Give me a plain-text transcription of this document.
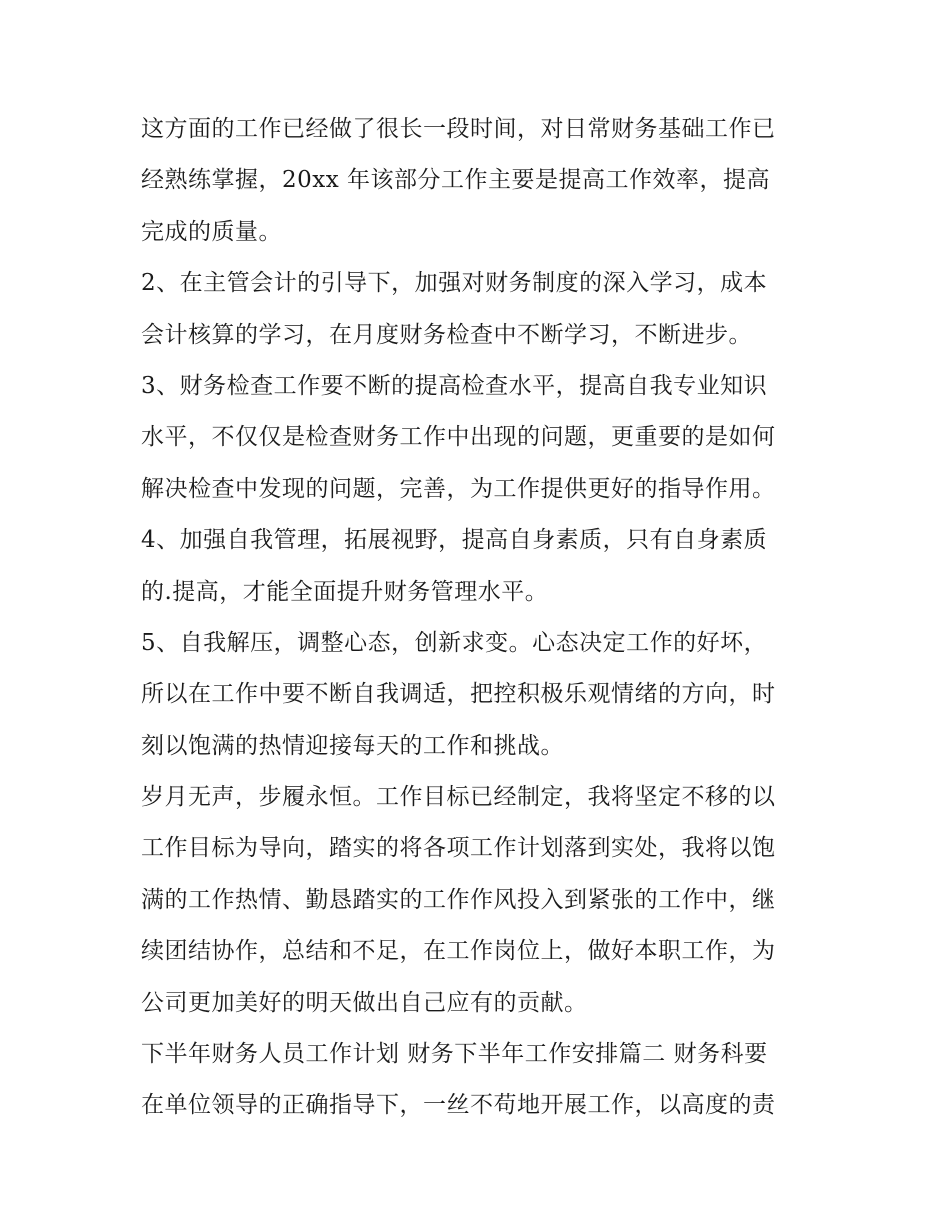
这方面的工作已经做了很长一段时间，对日常财务基础工作已
经熟练掌握，20xx 年该部分工作主要是提高工作效率，提高
完成的质量。
2、在主管会计的引导下，加强对财务制度的深入学习，成本
会计核算的学习，在月度财务检查中不断学习，不断进步。
3、财务检查工作要不断的提高检查水平，提高自我专业知识
水平，不仅仅是检查财务工作中出现的问题，更重要的是如何
解决检查中发现的问题，完善，为工作提供更好的指导作用。
4、加强自我管理，拓展视野，提高自身素质，只有自身素质
的.提高，才能全面提升财务管理水平。
5、自我解压，调整心态，创新求变。心态决定工作的好坏，
所以在工作中要不断自我调适，把控积极乐观情绪的方向，时
刻以饱满的热情迎接每天的工作和挑战。
岁月无声，步履永恒。工作目标已经制定，我将坚定不移的以
工作目标为导向，踏实的将各项工作计划落到实处，我将以饱
满的工作热情、勤恳踏实的工作作风投入到紧张的工作中，继
续团结协作，总结和不足，在工作岗位上，做好本职工作，为
公司更加美好的明天做出自己应有的贡献。
下半年财务人员工作计划 财务下半年工作安排篇二 财务科要
在单位领导的正确指导下，一丝不苟地开展工作，以高度的责
